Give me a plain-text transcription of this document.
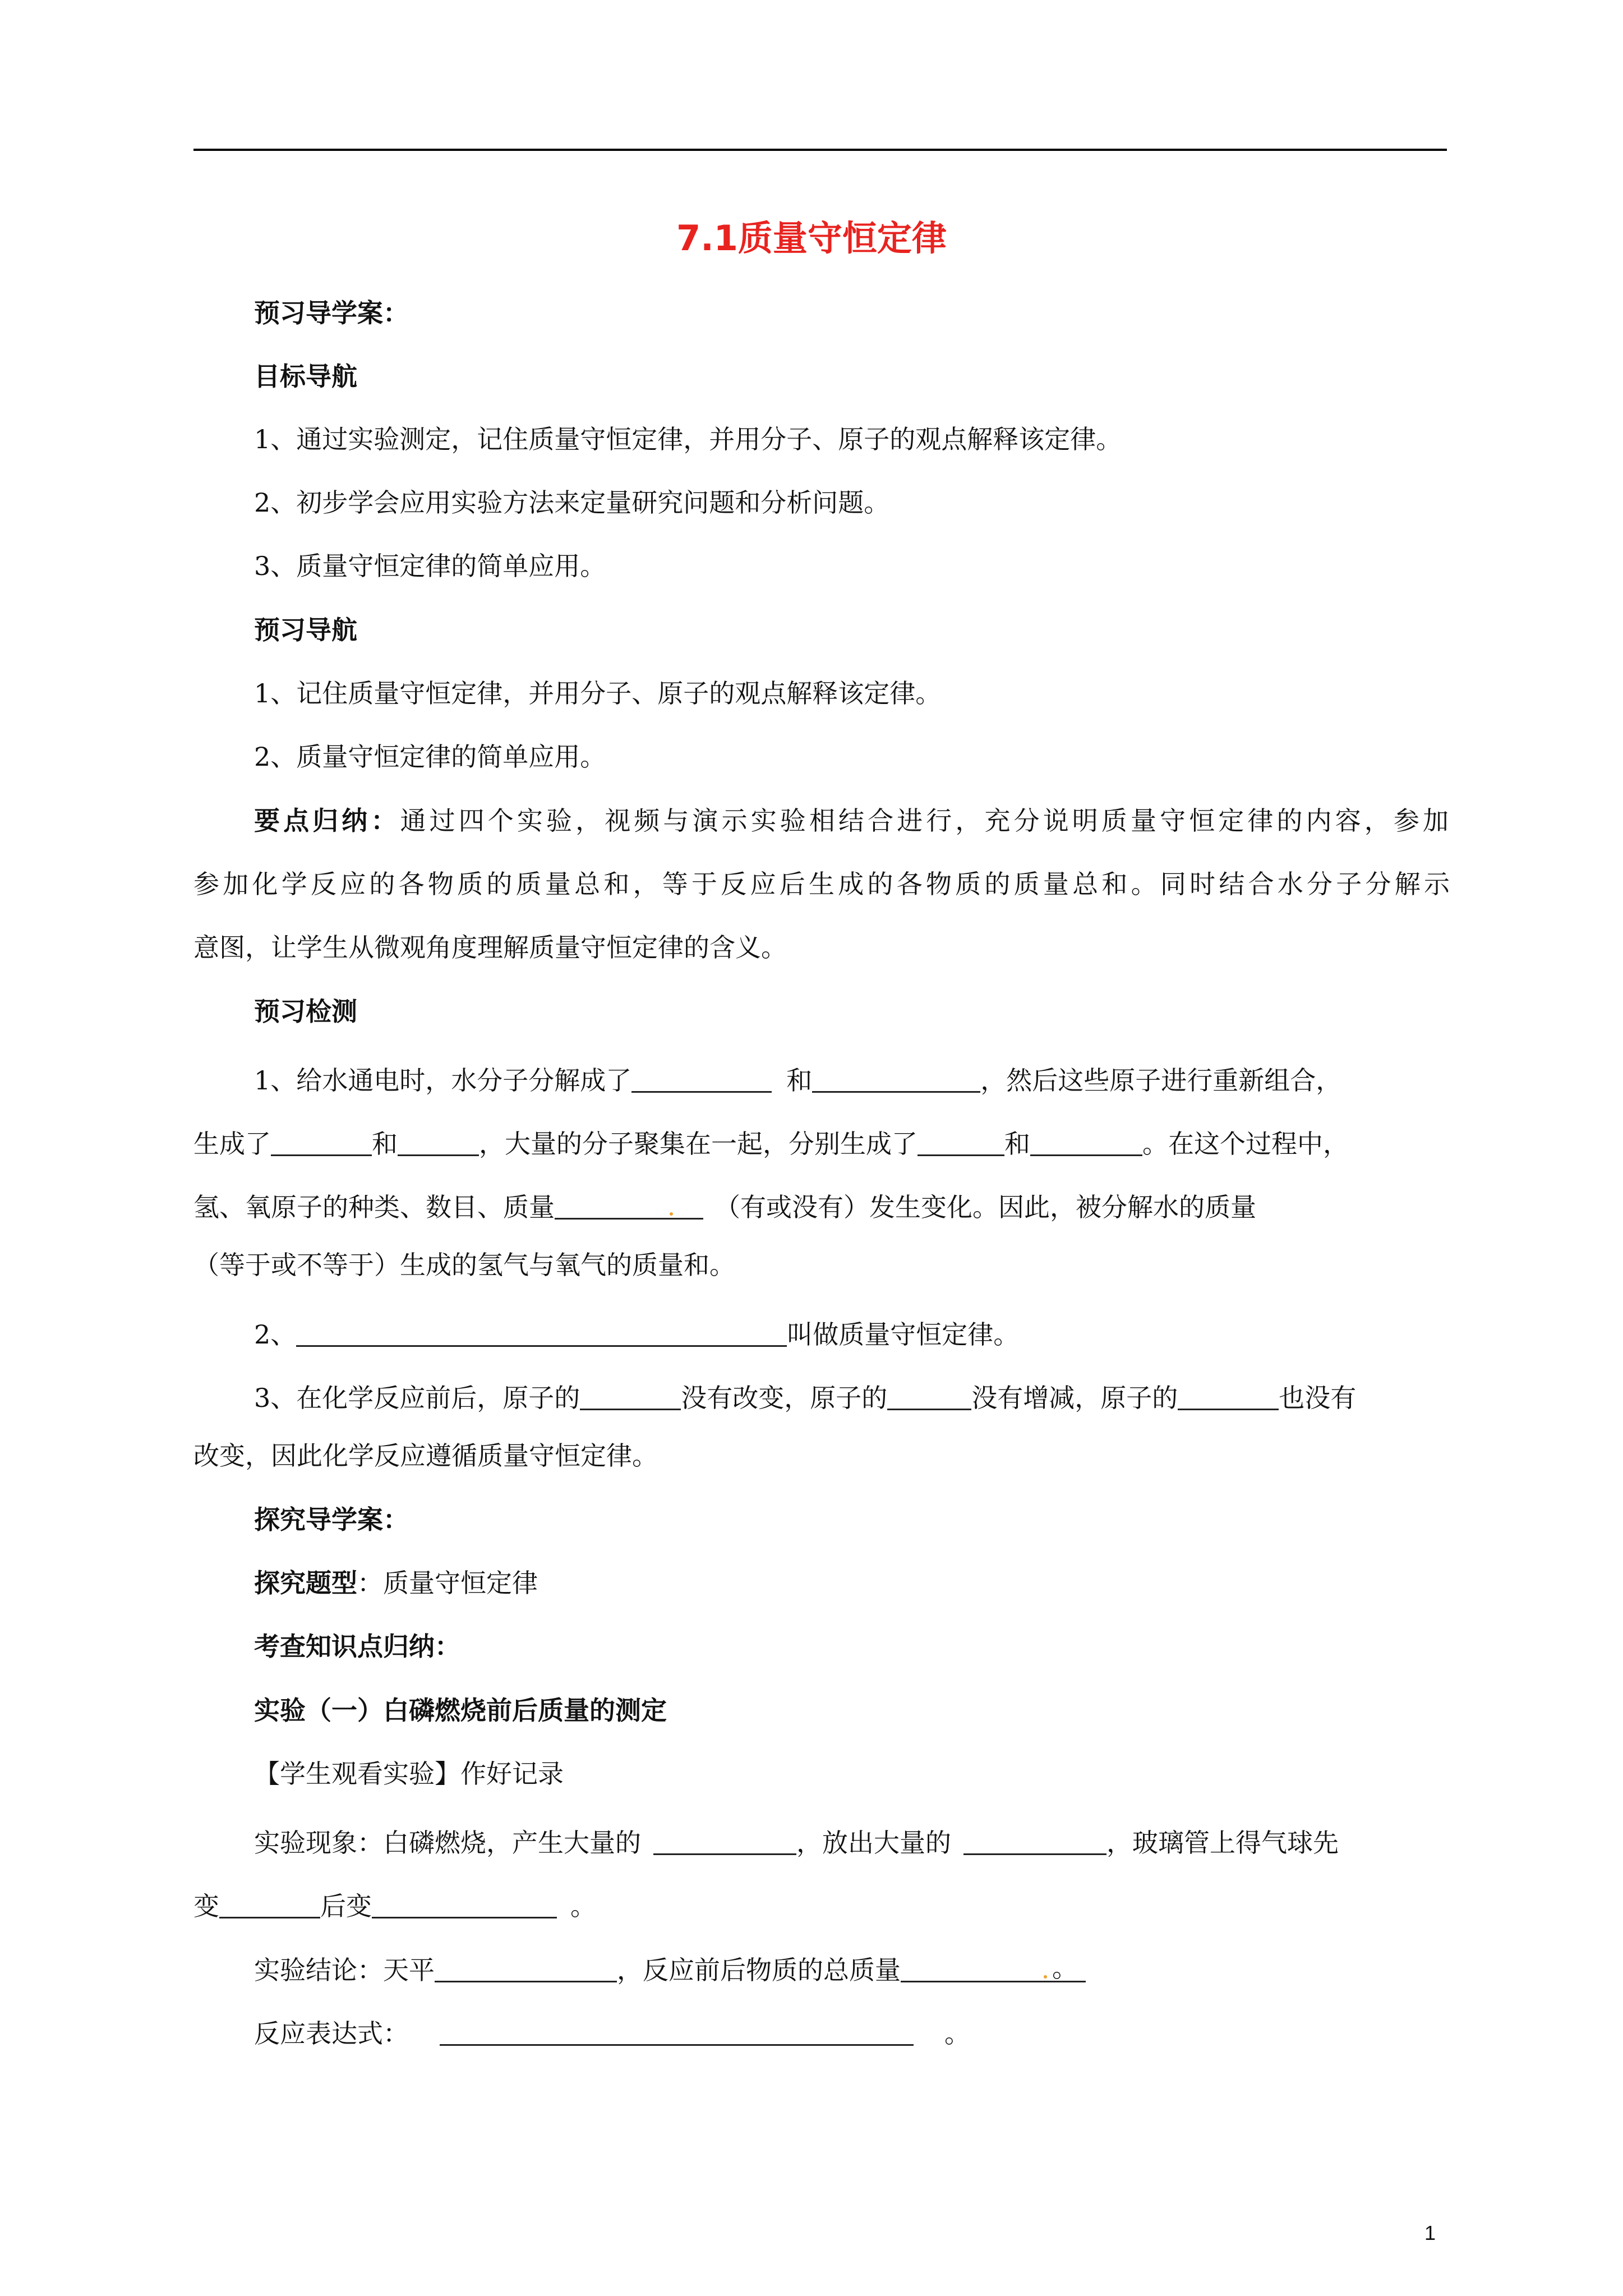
7.1质量守恒定律
预习导学案：
目标导航
1、通过实验测定，记住质量守恒定律，并用分子、原子的观点解释该定律。
2、初步学会应用实验方法来定量研究问题和分析问题。
3、质量守恒定律的简单应用。
预习导航
1、记住质量守恒定律，并用分子、原子的观点解释该定律。
2、质量守恒定律的简单应用。
要点归纳：通过四个实验，视频与演示实验相结合进行，充分说明质量守恒定律的内容，参加
参加化学反应的各物质的质量总和，等于反应后生成的各物质的质量总和。同时结合水分子分解示
意图，让学生从微观角度理解质量守恒定律的含义。
预习检测
1、给水通电时，水分子分解成了	和	，然后这些原子进行重新组合，
生成了	和	，大量的分子聚集在一起，分别生成了	和	。在这个过程中，
氢、氧原子的种类、数目、质量	（有或没有）发生变化。因此，被分解水的质量
（等于或不等于）生成的氢气与氧气的质量和。
2、	叫做质量守恒定律。
3、在化学反应前后，原子的	没有改变，原子的	没有增减，原子的	也没有
改变，因此化学反应遵循质量守恒定律。
探究导学案：
探究题型：质量守恒定律
考查知识点归纳：
实验（一）白磷燃烧前后质量的测定
【学生观看实验】作好记录
实验现象：白磷燃烧，产生大量的	，放出大量的	，玻璃管上得气球先
变	后变	。
实验结论：天平	，反应前后物质的总质量	。
反应表达式：	。
1
